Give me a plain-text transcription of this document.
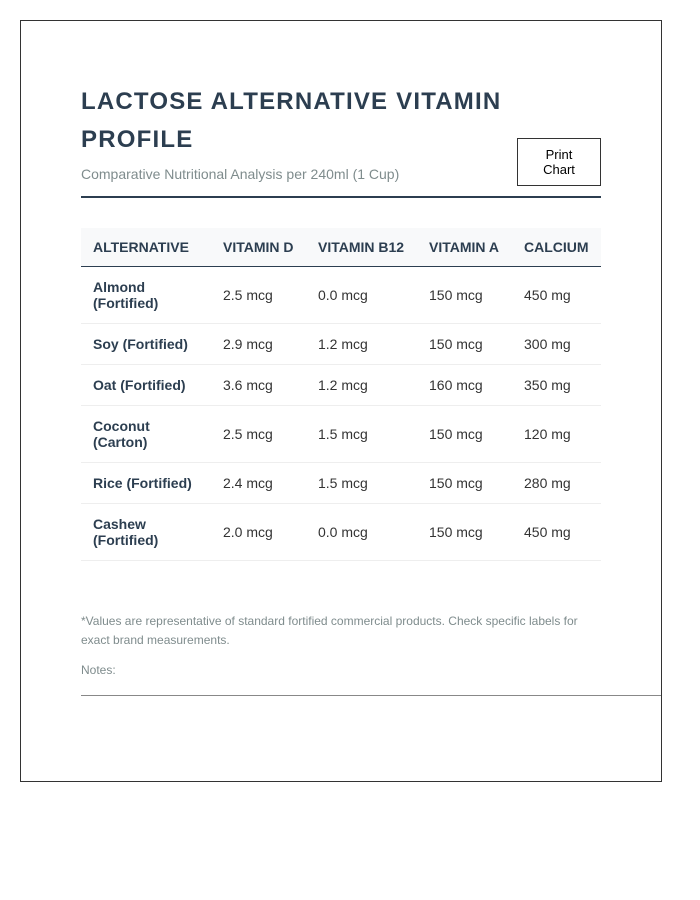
LACTOSE ALTERNATIVE VITAMIN PROFILE

Comparative Nutritional Analysis per 240ml (1 Cup)

Print Chart
ALTERNATIVE	VITAMIN D	VITAMIN B12	VITAMIN A	CALCIUM

Almond (Fortified)	2.5 mcg	0.0 mcg	150 mcg	450 mg
Soy (Fortified)	2.9 mcg	1.2 mcg	150 mcg	300 mg
Oat (Fortified)	3.6 mcg	1.2 mcg	160 mcg	350 mg

Coconut (Carton)	2.5 mcg	1.5 mcg	150 mcg	120 mg
Rice (Fortified)	2.4 mcg	1.5 mcg	150 mcg	280 mg

Cashew (Fortified)	2.0 mcg	0.0 mcg	150 mcg	450 mg

*Values are representative of standard fortified commercial products. Check specific labels for exact brand measurements.

Notes:
